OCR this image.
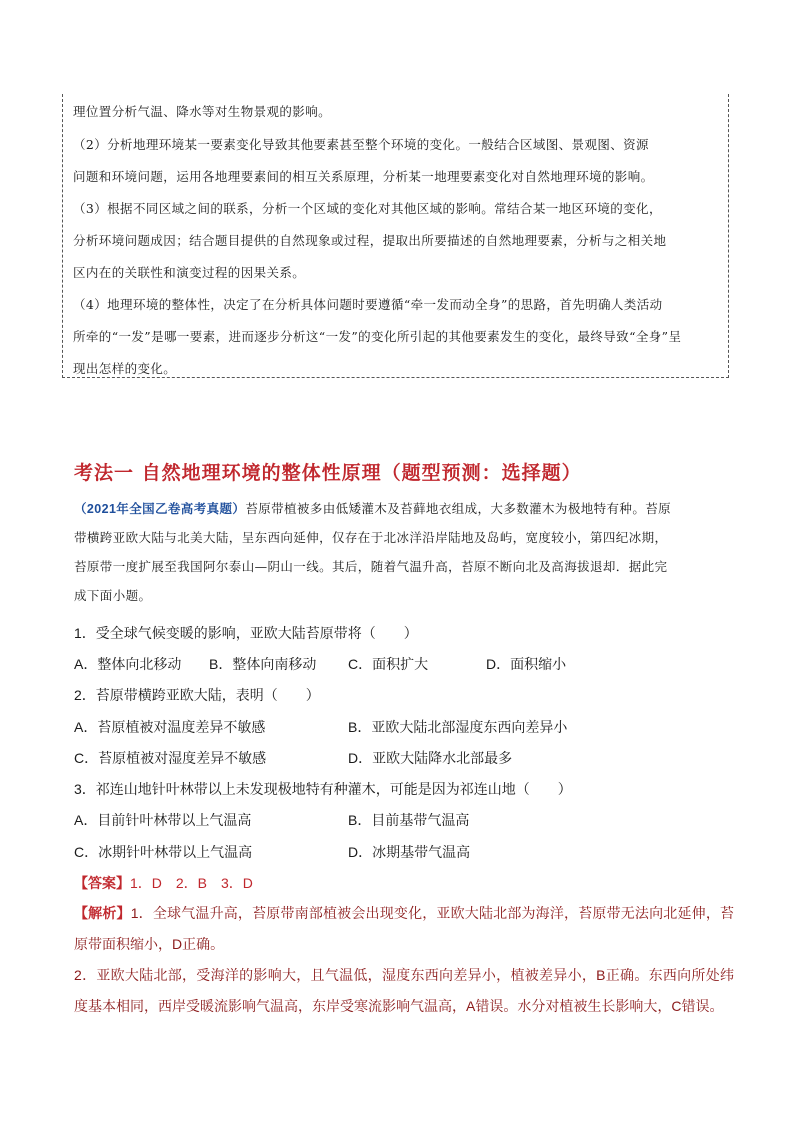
理位置分析气温、降水等对生物景观的影响。

（2）分析地理环境某一要素变化导致其他要素甚至整个环境的变化。一般结合区域图、景观图、资源

问题和环境问题，运用各地理要素间的相互关系原理，分析某一地理要素变化对自然地理环境的影响。

（3）根据不同区域之间的联系，分析一个区域的变化对其他区域的影响。常结合某一地区环境的变化，

分析环境问题成因；结合题目提供的自然现象或过程，提取出所要描述的自然地理要素，分析与之相关地

区内在的关联性和演变过程的因果关系。

（4）地理环境的整体性，决定了在分析具体问题时要遵循“牵一发而动全身”的思路，首先明确人类活动

所牵的“一发”是哪一要素，进而逐步分析这“一发”的变化所引起的其他要素发生的变化，最终导致“全身”呈

现出怎样的变化。

考法一 自然地理环境的整体性原理（题型预测：选择题）
（2021年全国乙卷高考真题）苔原带植被多由低矮灌木及苔藓地衣组成，大多数灌木为极地特有种。苔原
带横跨亚欧大陆与北美大陆，呈东西向延伸，仅存在于北冰洋沿岸陆地及岛屿，宽度较小，第四纪冰期，
苔原带一度扩展至我国阿尔泰山—阴山一线。其后，随着气温升高，苔原不断向北及高海拔退却．据此完
成下面小题。
1．受全球气候变暖的影响，亚欧大陆苔原带将（　　）
A．整体向北移动 B．整体向南移动 C．面积扩大	D．面积缩小
2．苔原带横跨亚欧大陆，表明（　　）
A．苔原植被对温度差异不敏感	B．亚欧大陆北部湿度东西向差异小
C．苔原植被对湿度差异不敏感	D．亚欧大陆降水北部最多
3．祁连山地针叶林带以上未发现极地特有种灌木，可能是因为祁连山地（　　）
A．目前针叶林带以上气温高	B．目前基带气温高
C．冰期针叶林带以上气温高	D．冰期基带气温高
【答案】1．D　2．B　3．D
【解析】1．全球气温升高，苔原带南部植被会出现变化，亚欧大陆北部为海洋，苔原带无法向北延伸，苔原带面积缩小，D正确。
2．亚欧大陆北部，受海洋的影响大，且气温低，湿度东西向差异小，植被差异小，B正确。东西向所处纬度基本相同，西岸受暖流影响气温高，东岸受寒流影响气温高，A错误。水分对植被生长影响大，C错误。
